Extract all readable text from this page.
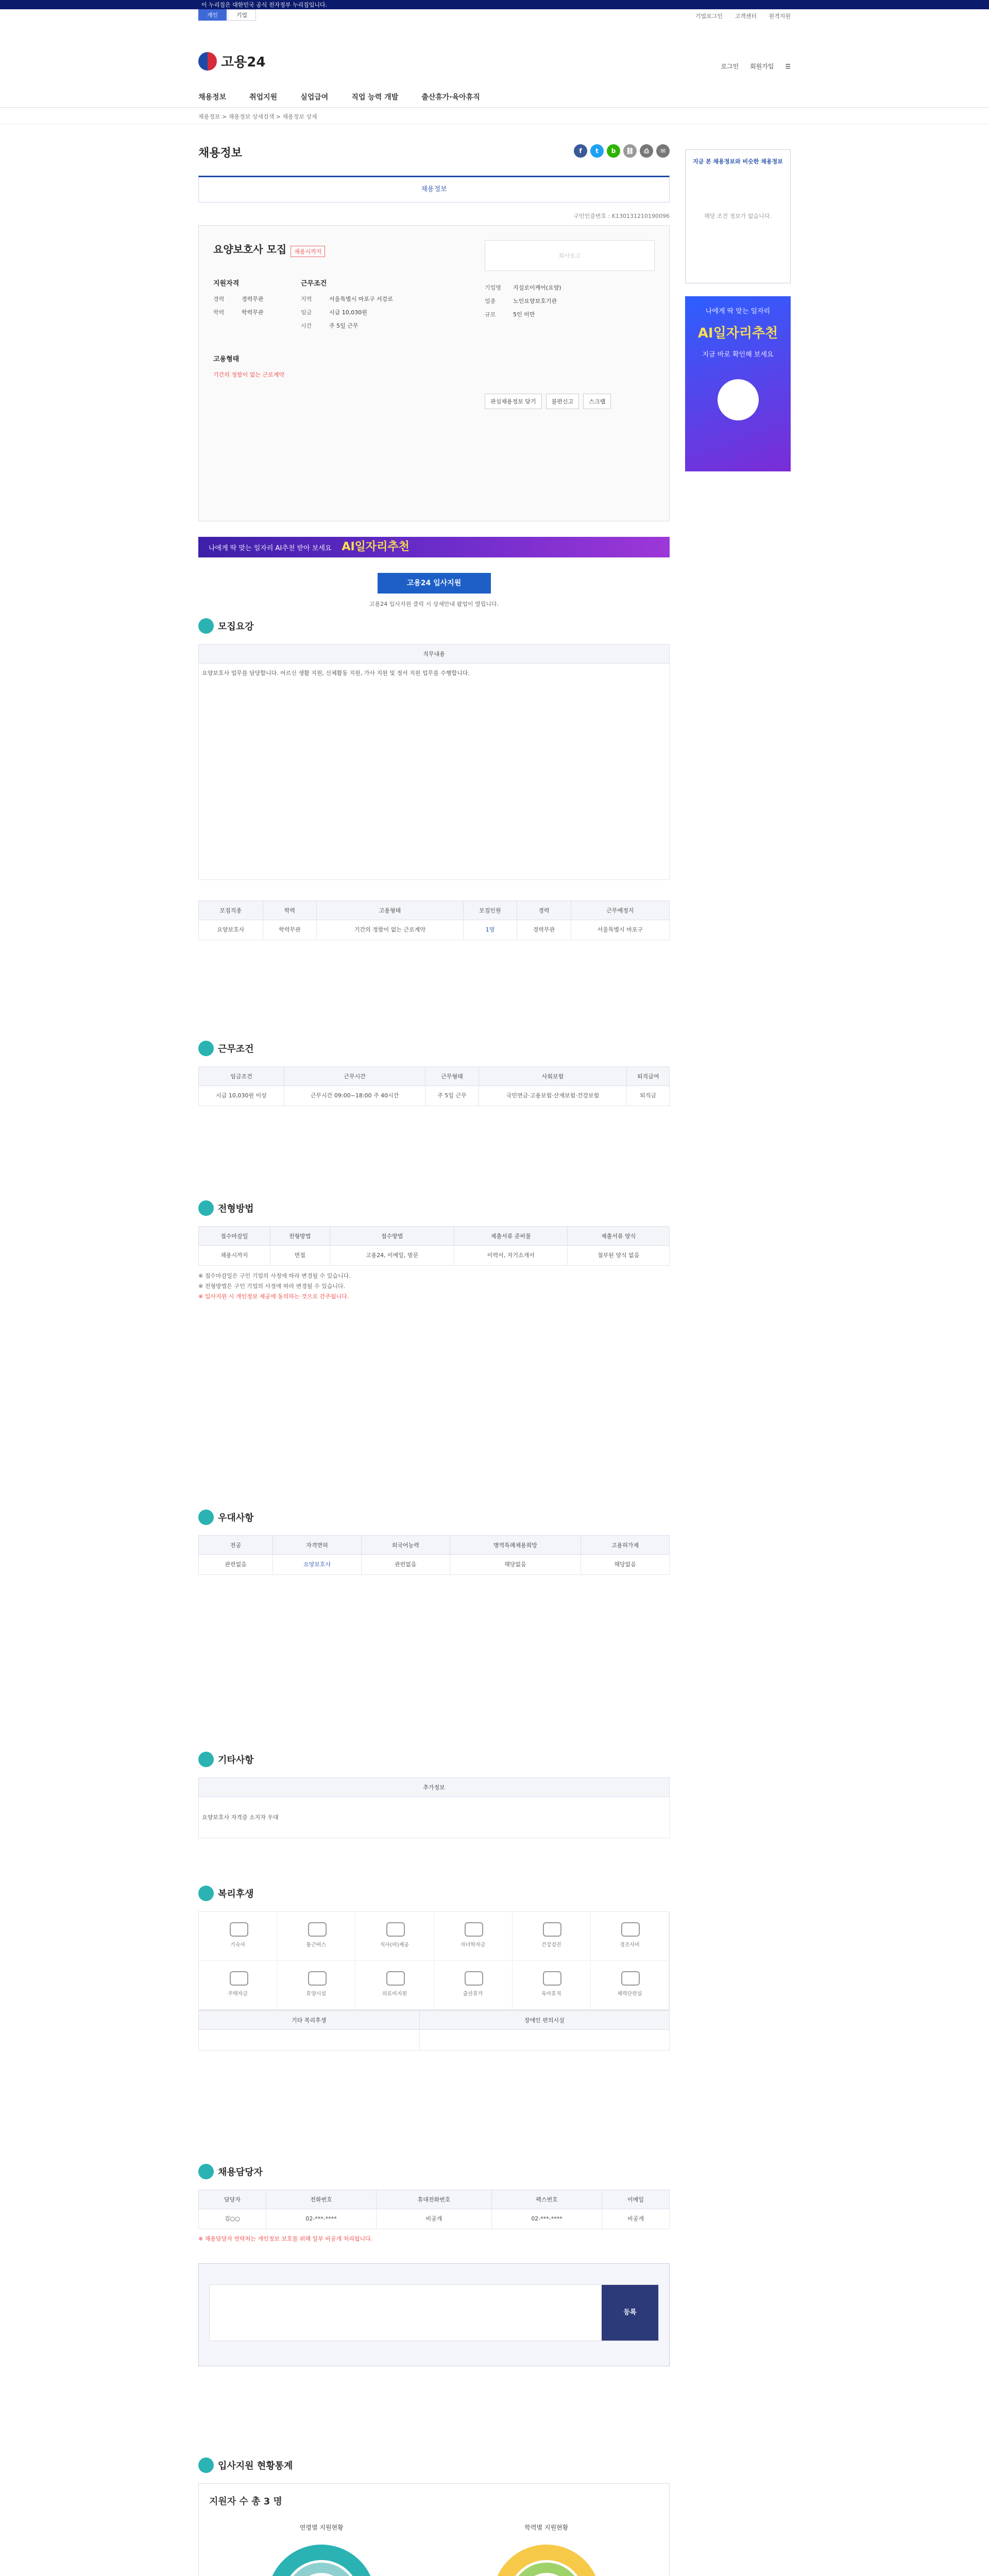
이 누리집은 대한민국 공식 전자정부 누리집입니다.
개인	기업	기업로그인 고객센터 원격지원
고용24	로그인 회원가입 ☰
채용정보	취업지원	실업급여	직업 능력 개발	출산휴가·육아휴직
채용정보 > 채용정보 상세검색 > 채용정보 상세
채용정보	f	t	b	⛓	⎙	✉
채용정보
구인인증번호 : K130131210190096
요양보호사 모집 채용시까지
지원자격
경력	경력무관
학력	학력무관
근무조건
지역	서울특별시 마포구 서강로
임금	시급 10,030원
시간	주 5일 근무
고용형태
기간의 정함이 없는 근로계약
회사로고
기업명 지설로이케어(요양)
업종	노인요양보호기관
규모	5인 미만
관심채용정보 담기	불편신고	스크랩
나에게 딱 맞는 일자리 AI추천 받아 보세요 AI일자리추천
고용24 입사지원
고용24 입사지원 클릭 시 상세안내 팝업이 열립니다.
모집요강
직무내용
요양보호사 업무를 담당합니다. 어르신 생활 지원, 신체활동 지원, 가사 지원 및 정서 지원 업무를 수행합니다.
모집직종	학력	고용형태	모집인원	경력	근무예정지
요양보호사	학력무관	기간의 정함이 없는 근로계약	1명	경력무관	서울특별시 마포구
근무조건
임금조건	근무시간	근무형태	사회보험	퇴직급여
시급 10,030원 이상	근무시간 09:00~18:00 주 40시간	주 5일 근무	국민연금·고용보험·산재보험·건강보험	퇴직금
전형방법
접수마감일	전형방법	접수방법	제출서류 준비물	제출서류 양식
채용시까지	면접	고용24, 이메일, 방문	이력서, 자기소개서	첨부된 양식 없음
※ 접수마감일은 구인 기업의 사정에 따라 변경될 수 있습니다.
※ 전형방법은 구인 기업의 사정에 따라 변경될 수 있습니다.
※ 입사지원 시 개인정보 제공에 동의하는 것으로 간주됩니다.
우대사항
전공	자격면허	외국어능력	병역특례채용희망	고용허가제
관련없음	요양보호사	관련없음	해당없음	해당없음
기타사항
추가정보
요양보호사 자격증 소지자 우대
복리후생
기숙사	통근버스	식사(비)제공	자녀학자금	건강검진	경조사비
주택자금	휴양시설	의료비지원	출산휴가	육아휴직	체력단련실
기타 복리후생	장애인 편의시설

채용담당자
담당자	전화번호	휴대전화번호	팩스번호	이메일
김○○	02-***-****	비공개	02-***-****	비공개
※ 채용담당자 연락처는 개인정보 보호를 위해 일부 비공개 처리됩니다.
등록
입사지원 현황통계
지원자 수 총 3 명
연령별 지원현황	학력별 지원현황

지금 본 채용정보와 비슷한 채용정보
해당 조건 정보가 없습니다.
나에게 딱 맞는 일자리
AI일자리추천
지금 바로 확인해 보세요
